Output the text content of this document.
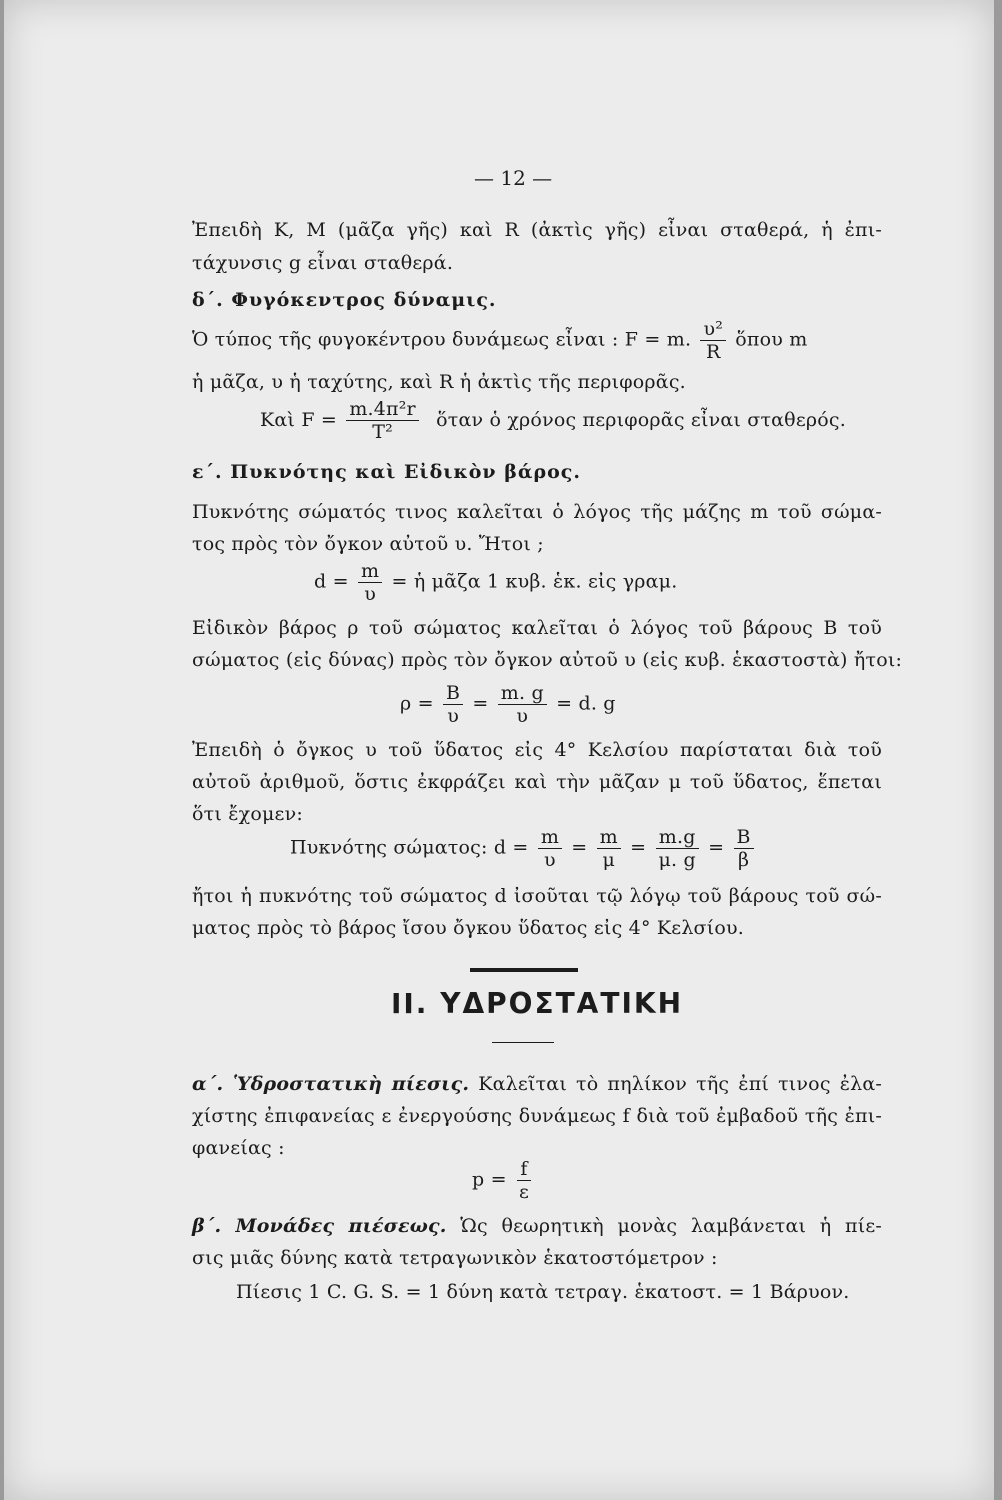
— 12 —
Ἐπειδὴ Κ, Μ (μᾶζα γῆς) καὶ R (ἀκτὶς γῆς) εἶναι σταθερά, ἡ ἐπι-
τάχυνσις g εἶναι σταθερά.
δ΄. Φυγόκεντρος δύναμις.
Ὁ τύπος τῆς φυγοκέντρου δυνάμεως εἶναι : F = m. $\frac{\text{υ²}}{R}$ ὅπου m
ἡ μᾶζα, υ ἡ ταχύτης, καὶ R ἡ ἀκτὶς τῆς περιφορᾶς.
Καὶ $F = \frac{\text{m.4π²r}}{\text{T²}}$ ὅταν ὁ χρόνος περιφορᾶς εἶναι σταθερός.
ε΄. Πυκνότης καὶ Εἰδικὸν βάρος.
Πυκνότης σώματός τινος καλεῖται ὁ λόγος τῆς μάζης m τοῦ σώμα-
τος πρὸς τὸν ὄγκον αὐτοῦ υ. Ἤτοι ;
$d = \frac{m}{\upsilon}$ = ἡ μᾶζα 1 κυβ. ἑκ. εἰς γραμ.
Εἰδικὸν βάρος ρ τοῦ σώματος καλεῖται ὁ λόγος τοῦ βάρους Β τοῦ
σώματος (εἰς δύνας) πρὸς τὸν ὄγκον αὐτοῦ υ (εἰς κυβ. ἑκαστοστὰ) ἤτοι:
$\rho = \frac{B}{\upsilon} = \frac{m. g}{\upsilon} = d$. g
Ἐπειδὴ ὁ ὄγκος υ τοῦ ὕδατος εἰς 4° Κελσίου παρίσταται διὰ τοῦ
αὐτοῦ ἀριθμοῦ, ὅστις ἐκφράζει καὶ τὴν μᾶζαν μ τοῦ ὕδατος, ἕπεται
ὅτι ἔχομεν:
Πυκνότης σώματος: $d = \frac{m}{\upsilon} = \frac{m}{\mu} = \frac{m.g}{\mu. g} = \frac{B}{\beta}$
ἤτοι ἡ πυκνότης τοῦ σώματος d ἰσοῦται τῷ λόγῳ τοῦ βάρους τοῦ σώ-
ματος πρὸς τὸ βάρος ἴσου ὄγκου ὕδατος εἰς 4° Κελσίου.
II. ΥΔΡΟΣΤΑΤΙΚΗ
α΄. Ὑδροστατικὴ πίεσις. Καλεῖται τὸ πηλίκον τῆς ἐπί τινος ἐλα-
χίστης ἐπιφανείας ε ἐνεργούσης δυνάμεως f διὰ τοῦ ἐμβαδοῦ τῆς ἐπι-
φανείας :
$p = \frac{f}{\varepsilon}$
β΄. Μονάδες πιέσεως. Ὡς θεωρητικὴ μονὰς λαμβάνεται ἡ πίε-
σις μιᾶς δύνης κατὰ τετραγωνικὸν ἑκατοστόμετρον :
Πίεσις 1 C. G. S. = 1 δύνη κατὰ τετραγ. ἑκατοστ. = 1 Βάρυον.
